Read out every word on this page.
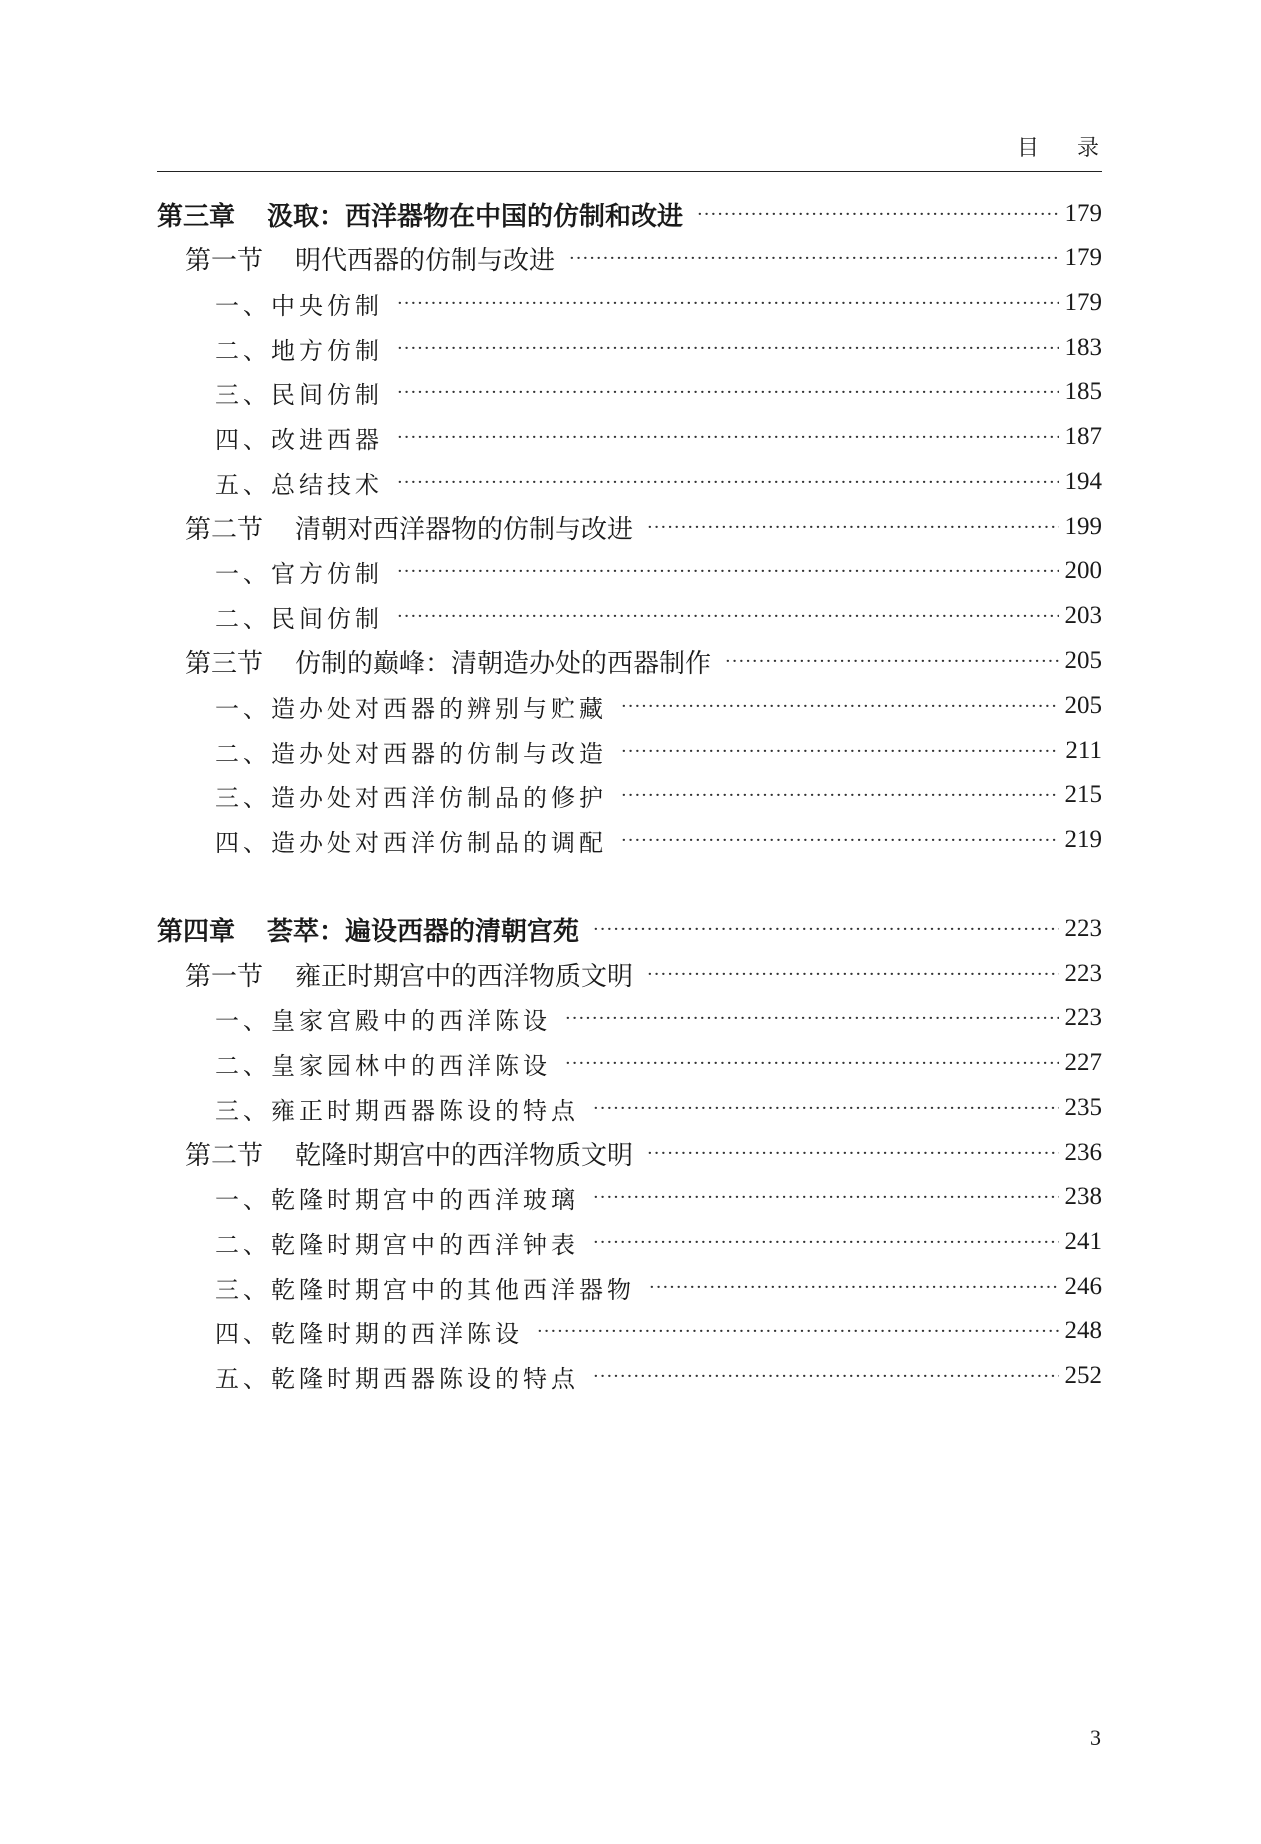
目录
第三章 汲取：西洋器物在中国的仿制和改进 ·····	179
第一节 明代西器的仿制与改进 ·····	179
一、中央仿制 ·····	179
二、地方仿制 ·····	183
三、民间仿制 ·····	185
四、改进西器 ·····	187
五、总结技术 ·····	194
第二节 清朝对西洋器物的仿制与改进 ·····	199
一、官方仿制 ·····	200
二、民间仿制 ·····	203
第三节 仿制的巅峰：清朝造办处的西器制作 ·····	205
一、造办处对西器的辨别与贮藏 ·····	205
二、造办处对西器的仿制与改造 ·····	211
三、造办处对西洋仿制品的修护 ·····	215
四、造办处对西洋仿制品的调配 ·····	219
第四章 荟萃：遍设西器的清朝宫苑 ·····	223
第一节 雍正时期宫中的西洋物质文明 ·····	223
一、皇家宫殿中的西洋陈设 ·····	223
二、皇家园林中的西洋陈设 ·····	227
三、雍正时期西器陈设的特点 ·····	235
第二节 乾隆时期宫中的西洋物质文明 ·····	236
一、乾隆时期宫中的西洋玻璃 ·····	238
二、乾隆时期宫中的西洋钟表 ·····	241
三、乾隆时期宫中的其他西洋器物 ·····	246
四、乾隆时期的西洋陈设 ·····	248
五、乾隆时期西器陈设的特点 ·····	252
3
